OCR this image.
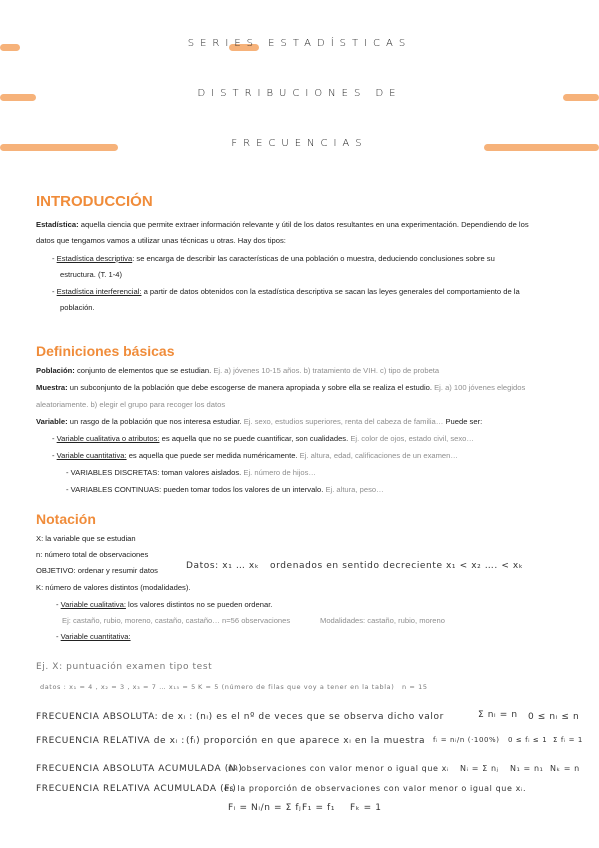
SERIES ESTADÍSTICAS
DISTRIBUCIONES DE
FRECUENCIAS
INTRODUCCIÓN
Estadística: aquella ciencia que permite extraer información relevante y útil de los datos resultantes en una experimentación. Dependiendo de los
datos que tengamos vamos a utilizar unas técnicas u otras. Hay dos tipos:
- Estadística descriptiva: se encarga de describir las características de una población o muestra, deduciendo conclusiones sobre su
estructura. (T. 1-4)
- Estadística interferencial: a partir de datos obtenidos con la estadística descriptiva se sacan las leyes generales del comportamiento de la
población.
Definiciones básicas
Población: conjunto de elementos que se estudian. Ej. a) jóvenes 10-15 años. b) tratamiento de VIH. c) tipo de probeta
Muestra: un subconjunto de la población que debe escogerse de manera apropiada y sobre ella se realiza el estudio. Ej. a) 100 jóvenes elegidos
aleatoriamente. b) elegir el grupo para recoger los datos
Variable: un rasgo de la población que nos interesa estudiar. Ej. sexo, estudios superiores, renta del cabeza de familia… Puede ser:
- Variable cualitativa o atributos: es aquella que no se puede cuantificar, son cualidades. Ej. color de ojos, estado civil, sexo…
- Variable cuantitativa: es aquella que puede ser medida numéricamente. Ej. altura, edad, calificaciones de un examen…
- VARIABLES DISCRETAS: toman valores aislados. Ej. número de hijos…
- VARIABLES CONTINUAS: pueden tomar todos los valores de un intervalo. Ej. altura, peso…
Notación
X: la variable que se estudian
n: número total de observaciones
OBJETIVO: ordenar y resumir datos	Datos: x₁ … xₖ ordenados en sentido decreciente x₁ < x₂ …. < xₖ
K: número de valores distintos (modalidades).
- Variable cualitativa: los valores distintos no se pueden ordenar.
Ej: castaño, rubio, moreno, castaño, castaño… n=56 observaciones	Modalidades: castaño, rubio, moreno
- Variable cuantitativa:
Ej. X: puntuación examen tipo test
datos : x₁ = 4 , x₂ = 3 , x₃ = 7 … x₁₅ = 5 K = 5 (número de filas que voy a tener en la tabla) n = 15
FRECUENCIA ABSOLUTA: de xᵢ : (nᵢ) es el nº de veces que se observa dicho valor	Σ nᵢ = n 0 ≤ nᵢ ≤ n
FRECUENCIA RELATIVA de xᵢ : (fᵢ) proporción en que aparece xᵢ en la muestra fᵢ = nᵢ/n (·100%) 0 ≤ fᵢ ≤ 1 Σ fᵢ = 1
FRECUENCIA ABSOLUTA ACUMULADA (Nᵢ)
nº observaciones con valor menor o igual que xᵢ Nᵢ = Σ nⱼ N₁ = n₁ Nₖ = n
FRECUENCIA RELATIVA ACUMULADA (Fᵢ)
es la proporción de observaciones con valor menor o igual que xᵢ.
Fᵢ = Nᵢ/n = Σ fⱼ F₁ = f₁ Fₖ = 1
